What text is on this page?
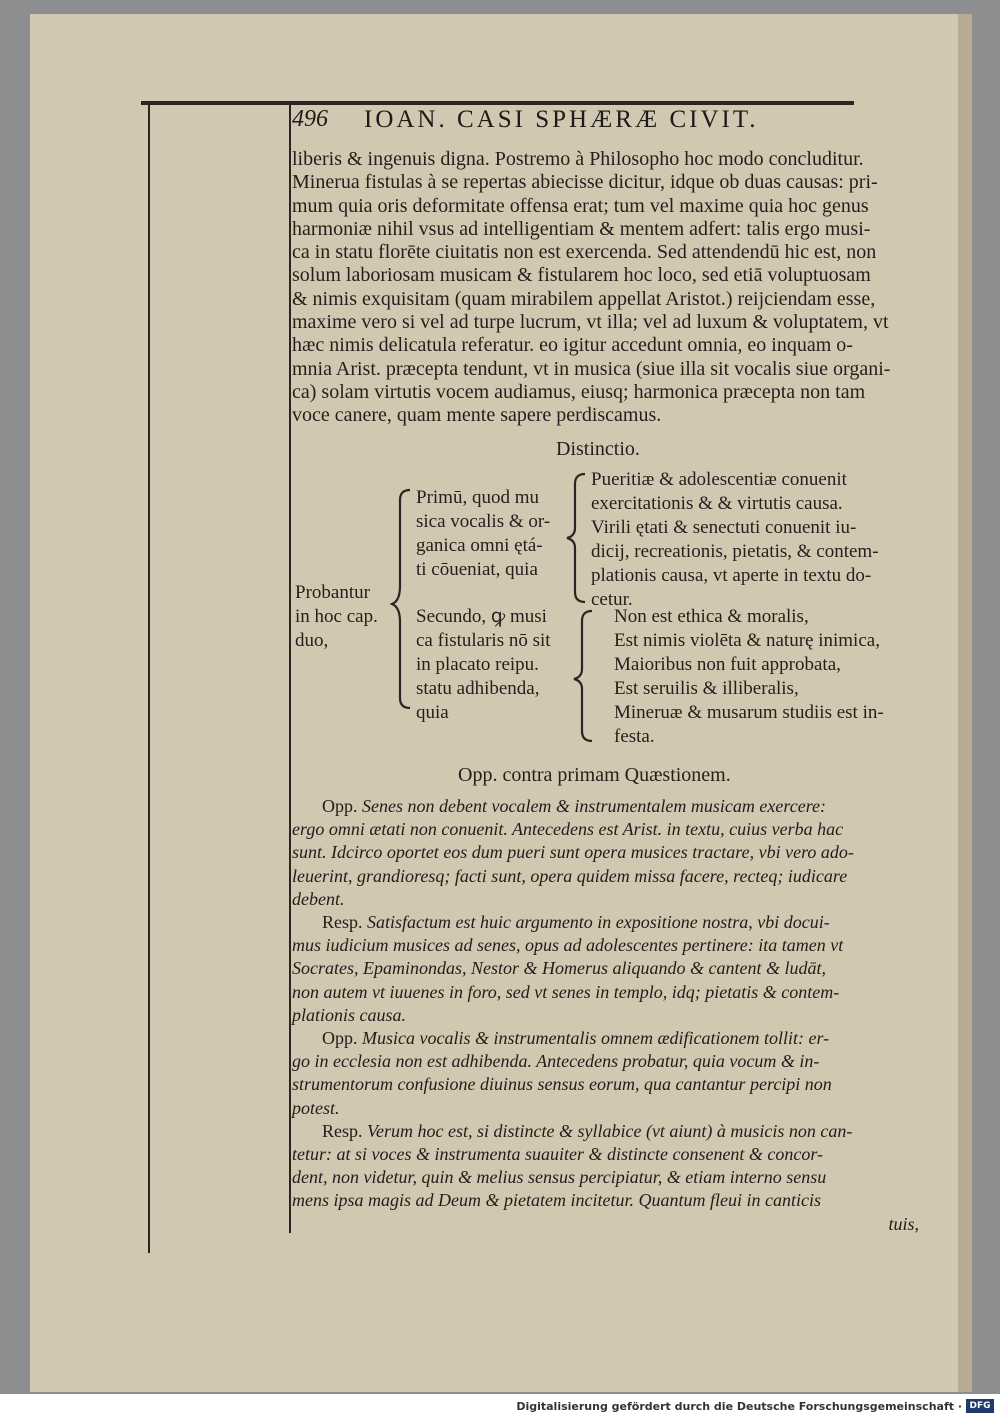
496 IOAN. CASI SPHÆRÆ CIVIT.
liberis & ingenuis digna. Postremo à Philosopho hoc modo concluditur.
Minerua fistulas à se repertas abiecisse dicitur, idque ob duas causas: pri-
mum quia oris deformitate offensa erat; tum vel maxime quia hoc genus
harmoniæ nihil vsus ad intelligentiam & mentem adfert: talis ergo musi-
ca in statu florēte ciuitatis non est exercenda. Sed attendendū hic est, non
solum laboriosam musicam & fistularem hoc loco, sed etiā voluptuosam
& nimis exquisitam (quam mirabilem appellat Aristot.) reijciendam esse,
maxime vero si vel ad turpe lucrum, vt illa; vel ad luxum & voluptatem, vt
hæc nimis delicatula referatur. eo igitur accedunt omnia, eo inquam o-
mnia Arist. præcepta tendunt, vt in musica (siue illa sit vocalis siue organi-
ca) solam virtutis vocem audiamus, eiusq; harmonica præcepta non tam
voce canere, quam mente sapere perdiscamus.
Distinctio.
Probantur
in hoc cap.
duo,
Primū, quod mu
sica vocalis & or-
ganica omni ętá-
ti cōueniat, quia
Secundo, ꝙ musi
ca fistularis nō sit
in placato reipu.
statu adhibenda,
quia
Pueritiæ & adolescentiæ conuenit
exercitationis & & virtutis causa.
Virili ętati & senectuti conuenit iu-
dicij, recreationis, pietatis, & contem-
plationis causa, vt aperte in textu do-
cetur.
Non est ethica & moralis,
Est nimis violēta & naturę inimica,
Maioribus non fuit approbata,
Est seruilis & illiberalis,
Mineruæ & musarum studiis est in-
festa.
Opp. contra primam Quæstionem.
Opp. Senes non debent vocalem & instrumentalem musicam exercere:
ergo omni ætati non conuenit. Antecedens est Arist. in textu, cuius verba hac
sunt. Idcirco oportet eos dum pueri sunt opera musices tractare, vbi vero ado-
leuerint, grandioresq; facti sunt, opera quidem missa facere, recteq; iudicare
debent.
Resp. Satisfactum est huic argumento in expositione nostra, vbi docui-
mus iudicium musices ad senes, opus ad adolescentes pertinere: ita tamen vt
Socrates, Epaminondas, Nestor & Homerus aliquando & cantent & ludāt,
non autem vt iuuenes in foro, sed vt senes in templo, idq; pietatis & contem-
plationis causa.
Opp. Musica vocalis & instrumentalis omnem ædificationem tollit: er-
go in ecclesia non est adhibenda. Antecedens probatur, quia vocum & in-
strumentorum confusione diuinus sensus eorum, qua cantantur percipi non
potest.
Resp. Verum hoc est, si distincte & syllabice (vt aiunt) à musicis non can-
tetur: at si voces & instrumenta suauiter & distincte consenent & concor-
dent, non videtur, quin & melius sensus percipiatur, & etiam interno sensu
mens ipsa magis ad Deum & pietatem incitetur. Quantum fleui in canticis
tuis,
Digitalisierung gefördert durch die Deutsche Forschungsgemeinschaft · DFG
